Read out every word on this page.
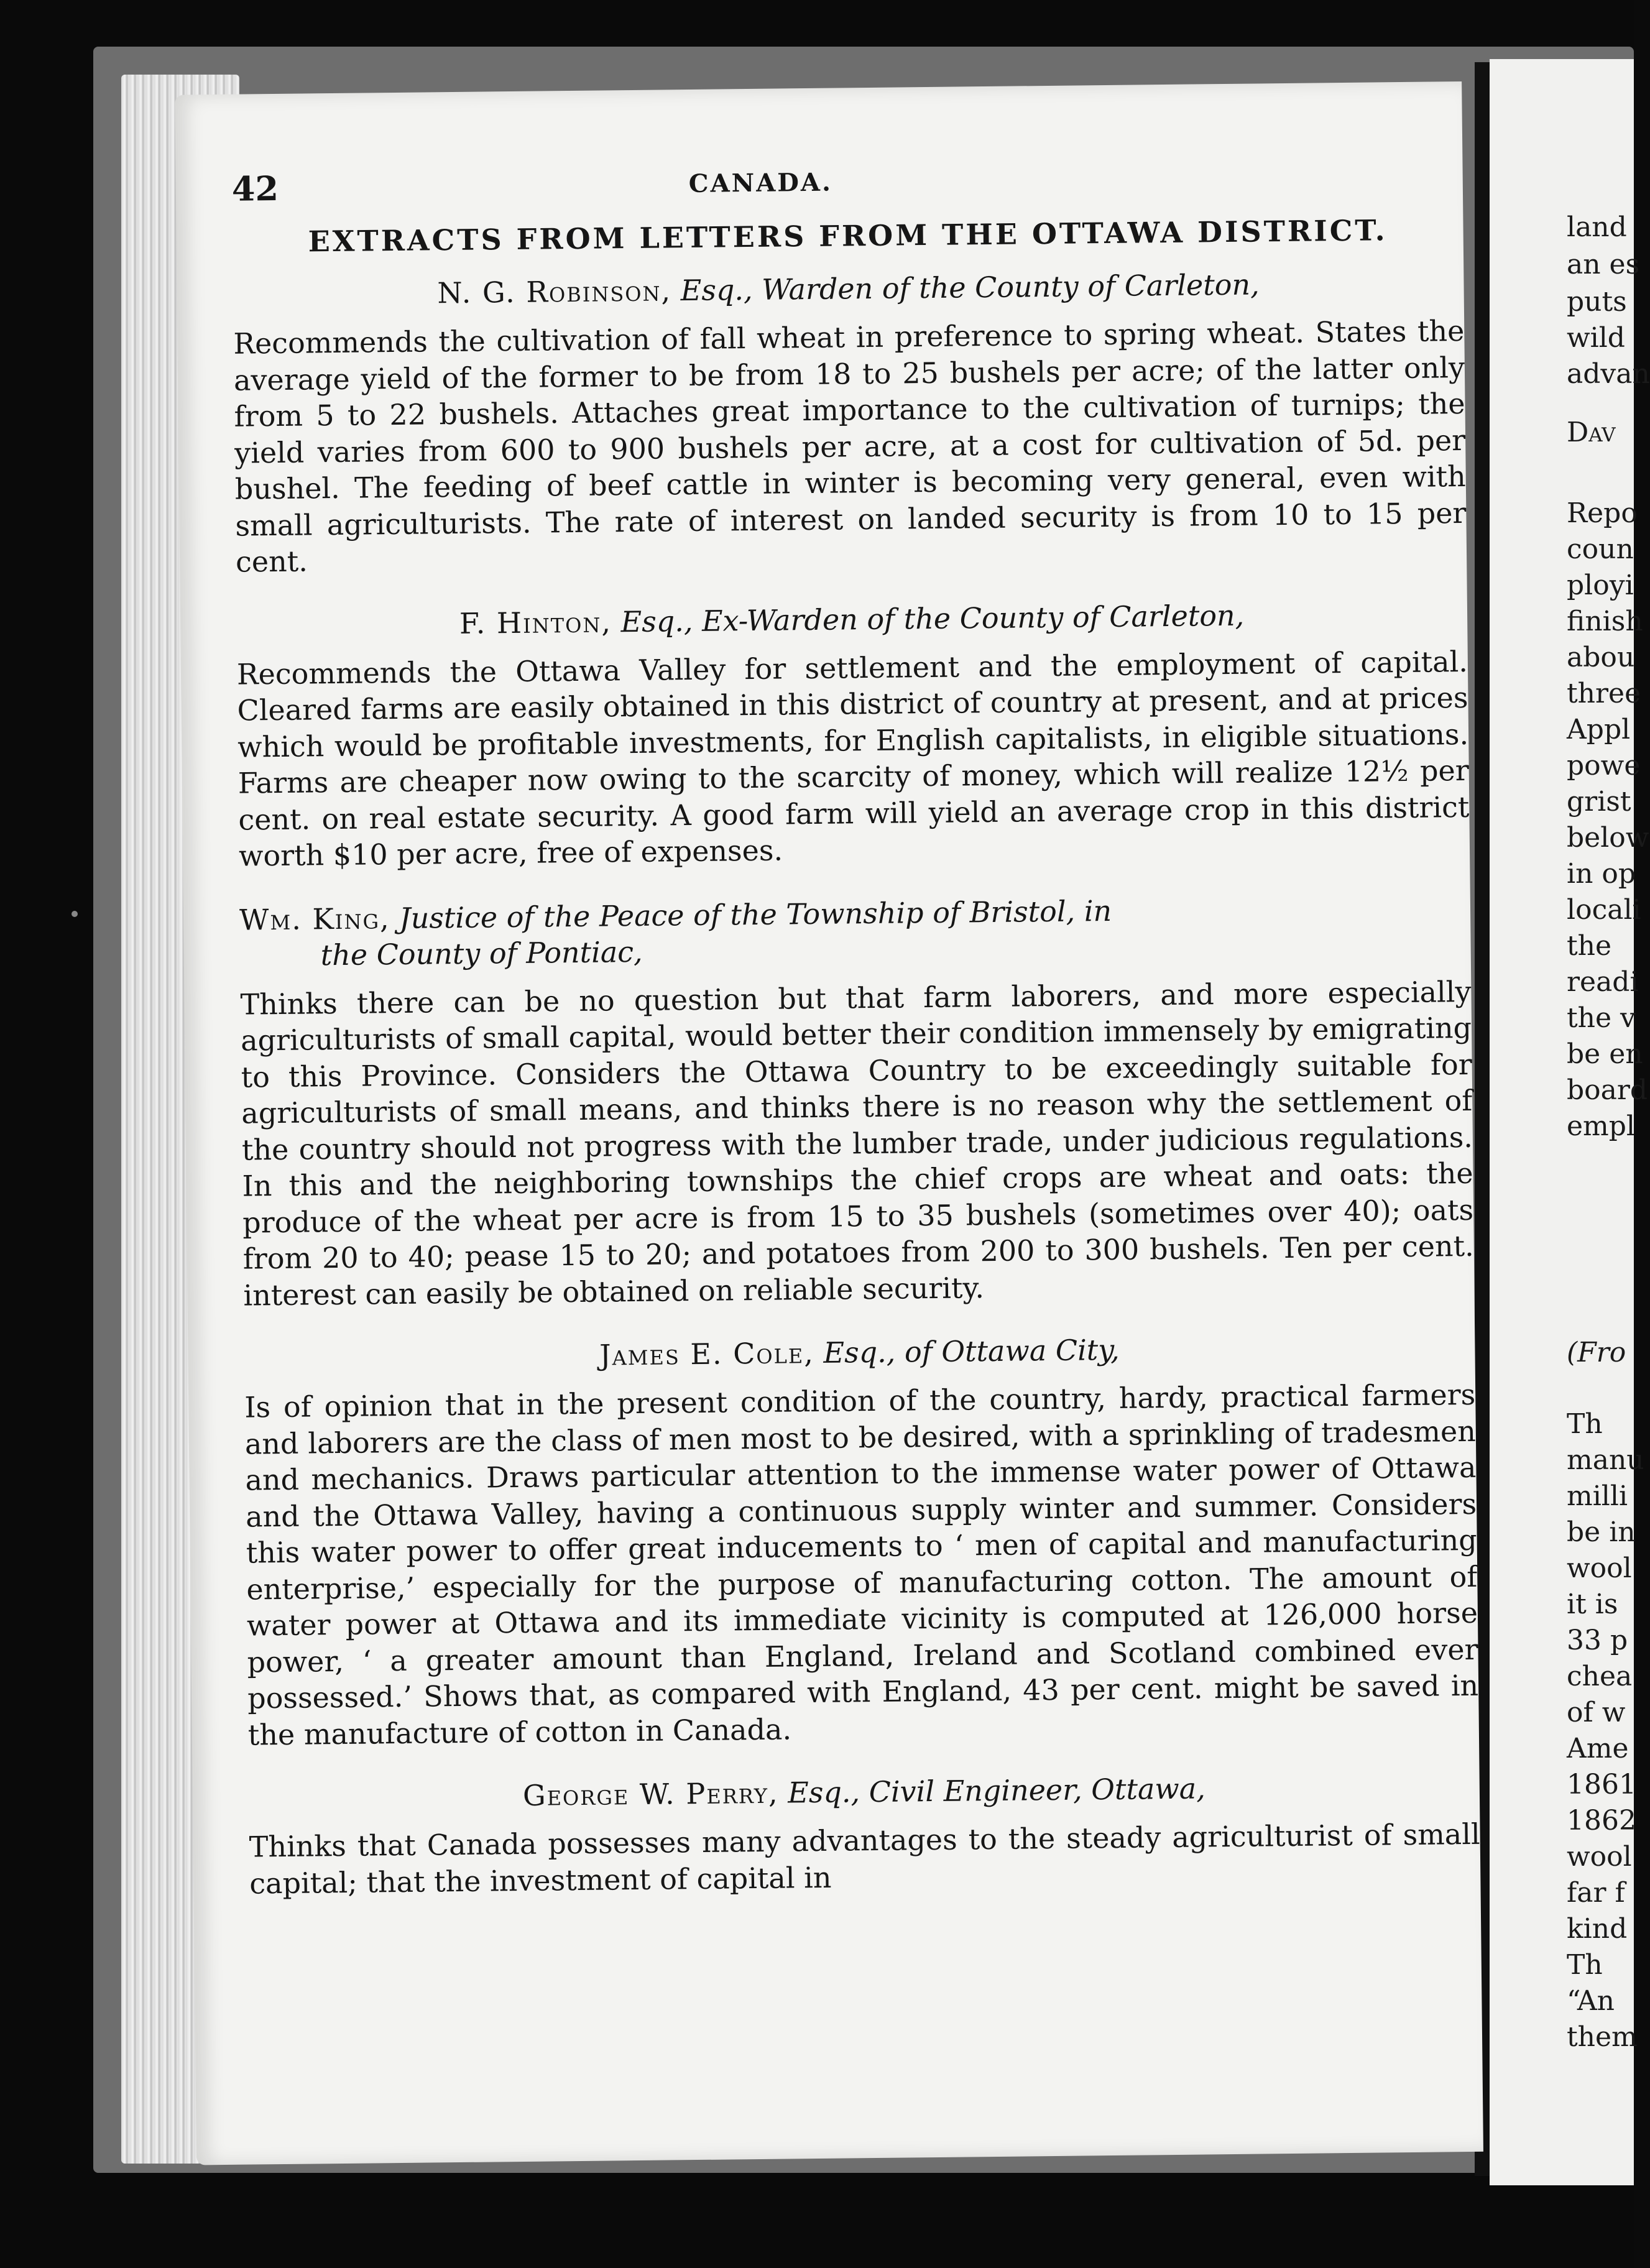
42	CANADA.
EXTRACTS FROM LETTERS FROM THE OTTAWA DISTRICT.
N. G. Robinson, Esq., Warden of the County of Carleton,

Recommends the cultivation of fall wheat in preference to spring wheat. States the average yield of the former to be from 18 to 25 bushels per acre; of the latter only from 5 to 22 bushels. Attaches great importance to the cultivation of turnips; the yield varies from 600 to 900 bushels per acre, at a cost for cultivation of 5d. per bushel. The feeding of beef cattle in winter is becoming very general, even with small agriculturists. The rate of interest on landed security is from 10 to 15 per cent.

F. Hinton, Esq., Ex-Warden of the County of Carleton,

Recommends the Ottawa Valley for settlement and the employment of capital. Cleared farms are easily obtained in this district of country at present, and at prices which would be profitable investments, for English capitalists, in eligible situations. Farms are cheaper now owing to the scarcity of money, which will realize 12½ per cent. on real estate security. A good farm will yield an average crop in this district worth $10 per acre, free of expenses.

Wm. King, Justice of the Peace of the Township of Bristol, in
the County of Pontiac,

Thinks there can be no question but that farm laborers, and more especially agriculturists of small capital, would better their condition immensely by emigrating to this Province. Considers the Ottawa Country to be exceedingly suitable for agriculturists of small means, and thinks there is no reason why the settlement of the country should not progress with the lumber trade, under judicious regulations. In this and the neighboring townships the chief crops are wheat and oats: the produce of the wheat per acre is from 15 to 35 bushels (sometimes over 40); oats from 20 to 40; pease 15 to 20; and potatoes from 200 to 300 bushels. Ten per cent. interest can easily be obtained on reliable security.

James E. Cole, Esq., of Ottawa City,

Is of opinion that in the present condition of the country, hardy, practical farmers and laborers are the class of men most to be desired, with a sprinkling of tradesmen and mechanics. Draws particular attention to the immense water power of Ottawa and the Ottawa Valley, having a continuous supply winter and summer. Considers this water power to offer great inducements to ‘ men of capital and manufacturing enterprise,’ especially for the purpose of manufacturing cotton. The amount of water power at Ottawa and its immediate vicinity is computed at 126,000 horse power, ‘ a greater amount than England, Ireland and Scotland combined ever possessed.’ Shows that, as compared with England, 43 per cent. might be saved in the manufacture of cotton in Canada.

George W. Perry, Esq., Civil Engineer, Ottawa,

Thinks that Canada possesses many advantages to the steady agriculturist of small capital; that the investment of capital in

land
an es
puts
wild
advan
Dav
Repo
coun
ployi
finish
abou
three
Appl
powe
grist
below
in op
locali
the
readi
the v
be en
board
empl
(Fro
Th
manu
milli
be in
wool
it is
33 p
chea
of w
Ame
1861
1862
wool
far f
kind
Th
“An
them
